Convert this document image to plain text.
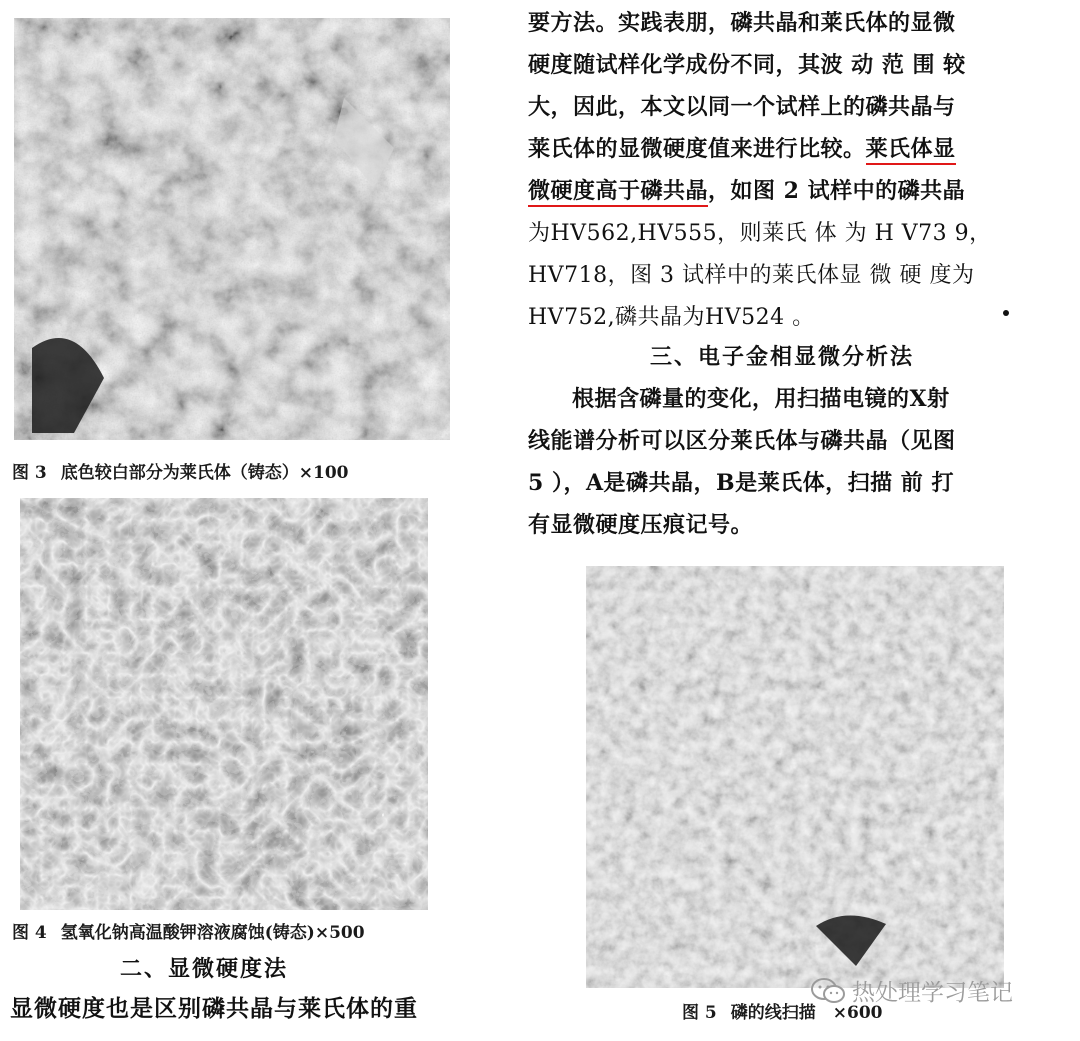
图 3 底色较白部分为莱氏体（铸态）×100
图 4 氢氧化钠高温酸钾溶液腐蚀(铸态)×500
二、显微硬度法
显微硬度也是区别磷共晶与莱氏体的重
要方法。实践表朋，磷共晶和莱氏体的显微
硬度随试样化学成份不同，其波 动 范 围 较
大，因此，本文以同一个试样上的磷共晶与
莱氏体的显微硬度值来进行比较。莱氏体显
微硬度高于磷共晶，如图 2 试样中的磷共晶
为HV562,HV555，则莱氏 体 为 H V73 9，
HV718，图 3 试样中的莱氏体显 微 硬 度为
HV752,磷共晶为HV524 。
三、电子金相显微分析法
根据含磷量的变化，用扫描电镜的X射
线能谱分析可以区分莱氏体与磷共晶（见图
5 ），A是磷共晶，B是莱氏体，扫描 前 打
有显微硬度压痕记号。
图 5 磷的线扫描　×600
热处理学习笔记
